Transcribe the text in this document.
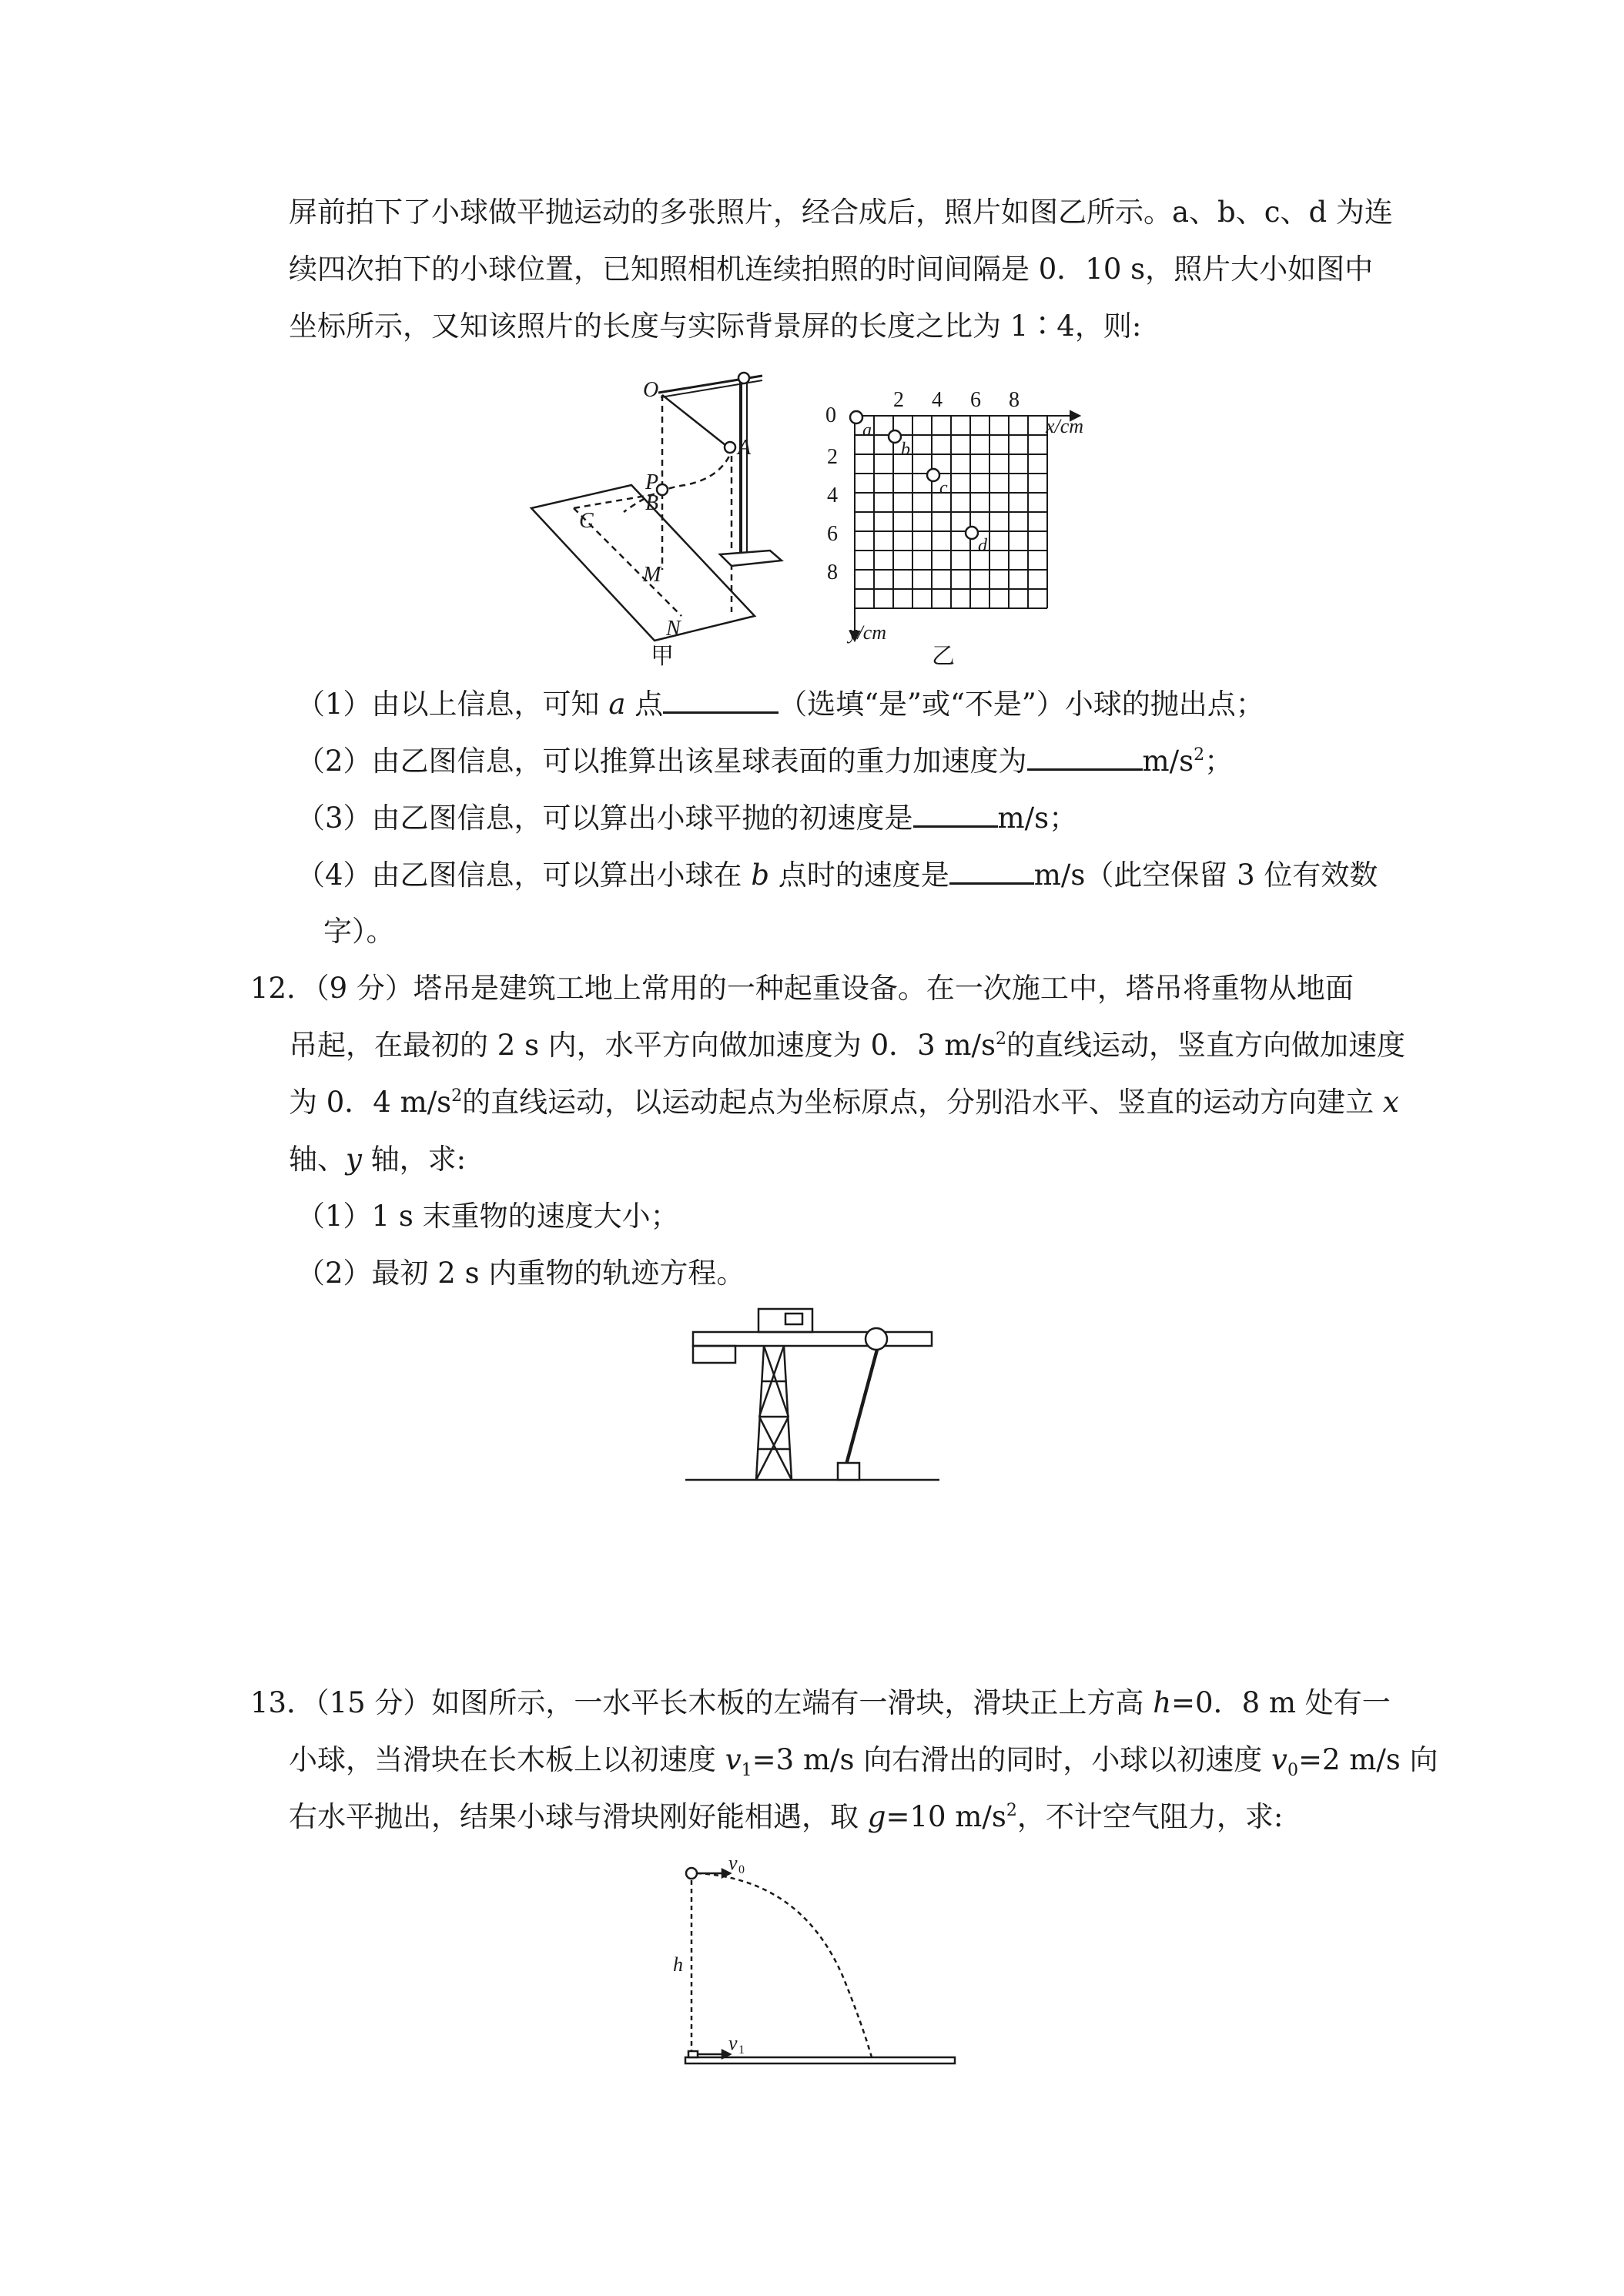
屏前拍下了小球做平抛运动的多张照片，经合成后，照片如图乙所示。a、b、c、d 为连
续四次拍下的小球位置，已知照相机连续拍照的时间间隔是 0．10 s，照片大小如图中
坐标所示，又知该照片的长度与实际背景屏的长度之比为 1∶4，则:
O
A
P
B
C
M
N
甲
a
b
c
d
0
2 4 6 8
2
4
6
8
x/cm
y/cm
乙
（1）由以上信息，可知 a 点	（选填“是”或“不是”）小球的抛出点；
（2）由乙图信息，可以推算出该星球表面的重力加速度为	$m/s^2$；
（3）由乙图信息，可以算出小球平抛的初速度是	m/s；
（4）由乙图信息，可以算出小球在 b 点时的速度是	m/s（此空保留 3 位有效数
字）。
12．（9 分）塔吊是建筑工地上常用的一种起重设备。在一次施工中，塔吊将重物从地面
吊起，在最初的 2 s 内，水平方向做加速度为 0．3 $m/s^2$的直线运动，竖直方向做加速度
为 0．4 $m/s^2$的直线运动，以运动起点为坐标原点，分别沿水平、竖直的运动方向建立 x
轴、y 轴，求:
（1）1 s 末重物的速度大小；
（2）最初 2 s 内重物的轨迹方程。
13．（15 分）如图所示，一水平长木板的左端有一滑块，滑块正上方高 h=0．8 m 处有一
小球，当滑块在长木板上以初速度 $v_1=3$ m/s 向右滑出的同时，小球以初速度 $v_0=2$ m/s 向
右水平抛出，结果小球与滑块刚好能相遇，取 g=10 $m/s^2$，不计空气阻力，求:
v 0
h
v 1
